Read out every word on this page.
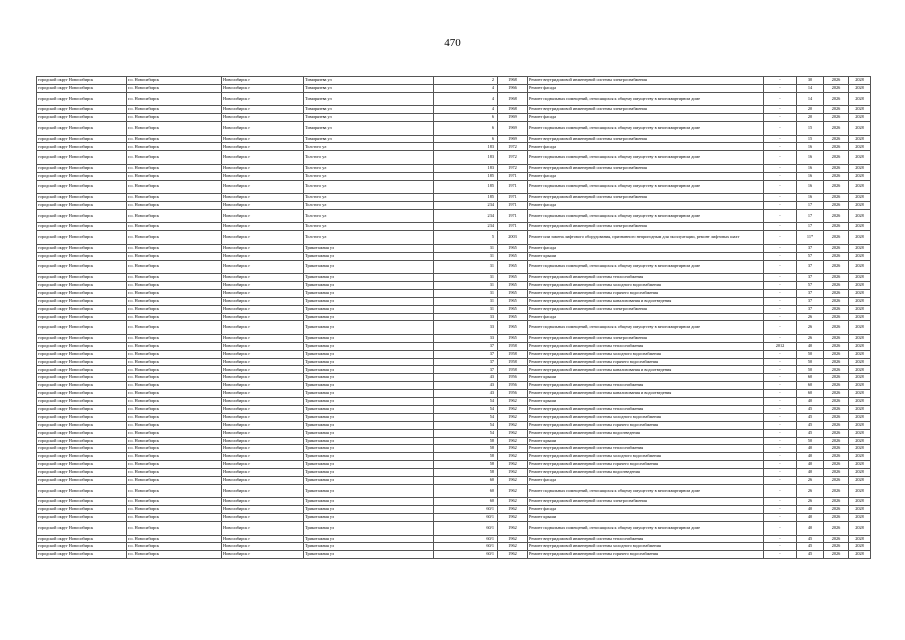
470
городской округ Новосибирск	г.о. Новосибирск	Новосибирск г	Тимирязева ул	2	1968	Ремонт внутридомовой инженерной системы электроснабжения	-	30	2026	2028
городской округ Новосибирск	г.о. Новосибирск	Новосибирск г	Тимирязева ул	4	1966	Ремонт фасада	-	14	2026	2028
городской округ Новосибирск	г.о. Новосибирск	Новосибирск г	Тимирязева ул	4	1968	Ремонт подвальных помещений, относящихся к общему имуществу в многоквартирном доме	-	14	2026	2028
городской округ Новосибирск	г.о. Новосибирск	Новосибирск г	Тимирязева ул	4	1968	Ремонт внутридомовой инженерной системы электроснабжения	-	20	2026	2028
городской округ Новосибирск	г.о. Новосибирск	Новосибирск г	Тимирязева ул	6	1969	Ремонт фасада	-	20	2026	2028
городской округ Новосибирск	г.о. Новосибирск	Новосибирск г	Тимирязева ул	6	1969	Ремонт подвальных помещений, относящихся к общему имуществу в многоквартирном доме	-	15	2026	2028
городской округ Новосибирск	г.о. Новосибирск	Новосибирск г	Тимирязева ул	6	1969	Ремонт внутридомовой инженерной системы электроснабжения	-	15	2026	2028
городской округ Новосибирск	г.о. Новосибирск	Новосибирск г	Толстого ул	183	1972	Ремонт фасада	-	16	2026	2028
городской округ Новосибирск	г.о. Новосибирск	Новосибирск г	Толстого ул	183	1972	Ремонт подвальных помещений, относящихся к общему имуществу в многоквартирном доме	-	16	2026	2028
городской округ Новосибирск	г.о. Новосибирск	Новосибирск г	Толстого ул	183	1972	Ремонт внутридомовой инженерной системы электроснабжения	-	16	2026	2028
городской округ Новосибирск	г.о. Новосибирск	Новосибирск г	Толстого ул	185	1971	Ремонт фасада	-	16	2026	2028
городской округ Новосибирск	г.о. Новосибирск	Новосибирск г	Толстого ул	185	1971	Ремонт подвальных помещений, относящихся к общему имуществу в многоквартирном доме	-	16	2026	2028
городской округ Новосибирск	г.о. Новосибирск	Новосибирск г	Толстого ул	185	1971	Ремонт внутридомовой инженерной системы электроснабжения	-	16	2026	2028
городской округ Новосибирск	г.о. Новосибирск	Новосибирск г	Толстого ул	234	1971	Ремонт фасада	-	17	2026	2028
городской округ Новосибирск	г.о. Новосибирск	Новосибирск г	Толстого ул	234	1971	Ремонт подвальных помещений, относящихся к общему имуществу в многоквартирном доме	-	17	2026	2028
городской округ Новосибирск	г.о. Новосибирск	Новосибирск г	Толстого ул	234	1971	Ремонт внутридомовой инженерной системы электроснабжения	-	17	2026	2028
городской округ Новосибирск	г.о. Новосибирск	Новосибирск г	Толстого ул	5	2003	Ремонт или замена лифтового оборудования, признанного непригодным для эксплуатации, ремонт лифтовых шахт	-	11*	2026	2028
городской округ Новосибирск	г.о. Новосибирск	Новосибирск г	Трикотажная ул	31	1965	Ремонт фасада	-	37	2026	2028
городской округ Новосибирск	г.о. Новосибирск	Новосибирск г	Трикотажная ул	31	1965	Ремонт крыши	-	57	2026	2028
городской округ Новосибирск	г.о. Новосибирск	Новосибирск г	Трикотажная ул	31	1965	Ремонт подвальных помещений, относящихся к общему имуществу в многоквартирном доме	-	37	2026	2028
городской округ Новосибирск	г.о. Новосибирск	Новосибирск г	Трикотажная ул	31	1965	Ремонт внутридомовой инженерной системы теплоснабжения	-	37	2026	2028
городской округ Новосибирск	г.о. Новосибирск	Новосибирск г	Трикотажная ул	31	1965	Ремонт внутридомовой инженерной системы холодного водоснабжения	-	57	2026	2028
городской округ Новосибирск	г.о. Новосибирск	Новосибирск г	Трикотажная ул	31	1965	Ремонт внутридомовой инженерной системы горячего водоснабжения	-	37	2026	2028
городской округ Новосибирск	г.о. Новосибирск	Новосибирск г	Трикотажная ул	31	1965	Ремонт внутридомовой инженерной системы канализования и водоотведения	-	37	2026	2028
городской округ Новосибирск	г.о. Новосибирск	Новосибирск г	Трикотажная ул	31	1965	Ремонт внутридомовой инженерной системы электроснабжения	-	37	2026	2028
городской округ Новосибирск	г.о. Новосибирск	Новосибирск г	Трикотажная ул	33	1965	Ремонт фасада	-	26	2026	2028
городской округ Новосибирск	г.о. Новосибирск	Новосибирск г	Трикотажная ул	33	1965	Ремонт подвальных помещений, относящихся к общему имуществу в многоквартирном доме	-	26	2026	2028
городской округ Новосибирск	г.о. Новосибирск	Новосибирск г	Трикотажная ул	33	1965	Ремонт внутридомовой инженерной системы электроснабжения	-	26	2026	2028
городской округ Новосибирск	г.о. Новосибирск	Новосибирск г	Трикотажная ул	37	1958	Ремонт внутридомовой инженерной системы теплоснабжения	2012	40	2026	2028
городской округ Новосибирск	г.о. Новосибирск	Новосибирск г	Трикотажная ул	37	1958	Ремонт внутридомовой инженерной системы холодного водоснабжения	-	50	2026	2028
городской округ Новосибирск	г.о. Новосибирск	Новосибирск г	Трикотажная ул	37	1958	Ремонт внутридомовой инженерной системы горячего водоснабжения	-	50	2026	2028
городской округ Новосибирск	г.о. Новосибирск	Новосибирск г	Трикотажная ул	37	1958	Ремонт внутридомовой инженерной системы канализования и водоотведения	-	50	2026	2028
городской округ Новосибирск	г.о. Новосибирск	Новосибирск г	Трикотажная ул	43	1956	Ремонт крыши	-	60	2026	2028
городской округ Новосибирск	г.о. Новосибирск	Новосибирск г	Трикотажная ул	43	1956	Ремонт внутридомовой инженерной системы теплоснабжения	-	60	2026	2028
городской округ Новосибирск	г.о. Новосибирск	Новосибирск г	Трикотажная ул	43	1956	Ремонт внутридомовой инженерной системы канализования и водоотведения	-	60	2026	2028
городской округ Новосибирск	г.о. Новосибирск	Новосибирск г	Трикотажная ул	54	1962	Ремонт крыши	-	40	2026	2028
городской округ Новосибирск	г.о. Новосибирск	Новосибирск г	Трикотажная ул	54	1962	Ремонт внутридомовой инженерной системы теплоснабжения	-	45	2026	2028
городской округ Новосибирск	г.о. Новосибирск	Новосибирск г	Трикотажная ул	54	1962	Ремонт внутридомовой инженерной системы холодного водоснабжения	-	45	2026	2028
городской округ Новосибирск	г.о. Новосибирск	Новосибирск г	Трикотажная ул	54	1962	Ремонт внутридомовой инженерной системы горячего водоснабжения	-	45	2026	2028
городской округ Новосибирск	г.о. Новосибирск	Новосибирск г	Трикотажная ул	54	1962	Ремонт внутридомовой инженерной системы водоотведения	-	45	2026	2028
городской округ Новосибирск	г.о. Новосибирск	Новосибирск г	Трикотажная ул	58	1962	Ремонт крыши	-	50	2026	2028
городской округ Новосибирск	г.о. Новосибирск	Новосибирск г	Трикотажная ул	58	1962	Ремонт внутридомовой инженерной системы теплоснабжения	-	40	2026	2028
городской округ Новосибирск	г.о. Новосибирск	Новосибирск г	Трикотажная ул	58	1962	Ремонт внутридомовой инженерной системы холодного водоснабжения	-	40	2026	2028
городской округ Новосибирск	г.о. Новосибирск	Новосибирск г	Трикотажная ул	58	1962	Ремонт внутридомовой инженерной системы горячего водоснабжения	-	40	2026	2028
городской округ Новосибирск	г.о. Новосибирск	Новосибирск г	Трикотажная ул	58	1962	Ремонт внутридомовой инженерной системы водоотведения	-	40	2026	2028
городской округ Новосибирск	г.о. Новосибирск	Новосибирск г	Трикотажная ул	60	1962	Ремонт фасада	-	26	2026	2028
городской округ Новосибирск	г.о. Новосибирск	Новосибирск г	Трикотажная ул	60	1962	Ремонт подвальных помещений, относящихся к общему имуществу в многоквартирном доме	-	26	2026	2028
городской округ Новосибирск	г.о. Новосибирск	Новосибирск г	Трикотажная ул	60	1962	Ремонт внутридомовой инженерной системы электроснабжения	-	26	2026	2028
городской округ Новосибирск	г.о. Новосибирск	Новосибирск г	Трикотажная ул	60/1	1962	Ремонт фасада	-	40	2026	2028
городской округ Новосибирск	г.о. Новосибирск	Новосибирск г	Трикотажная ул	60/1	1962	Ремонт крыши	-	40	2026	2028
городской округ Новосибирск	г.о. Новосибирск	Новосибирск г	Трикотажная ул	60/1	1962	Ремонт подвальных помещений, относящихся к общему имуществу в многоквартирном доме	-	40	2026	2028
городской округ Новосибирск	г.о. Новосибирск	Новосибирск г	Трикотажная ул	60/1	1962	Ремонт внутридомовой инженерной системы теплоснабжения	-	45	2026	2028
городской округ Новосибирск	г.о. Новосибирск	Новосибирск г	Трикотажная ул	60/1	1962	Ремонт внутридомовой инженерной системы холодного водоснабжения	-	45	2026	2028
городской округ Новосибирск	г.о. Новосибирск	Новосибирск г	Трикотажная ул	60/1	1962	Ремонт внутридомовой инженерной системы горячего водоснабжения	-	45	2026	2028
